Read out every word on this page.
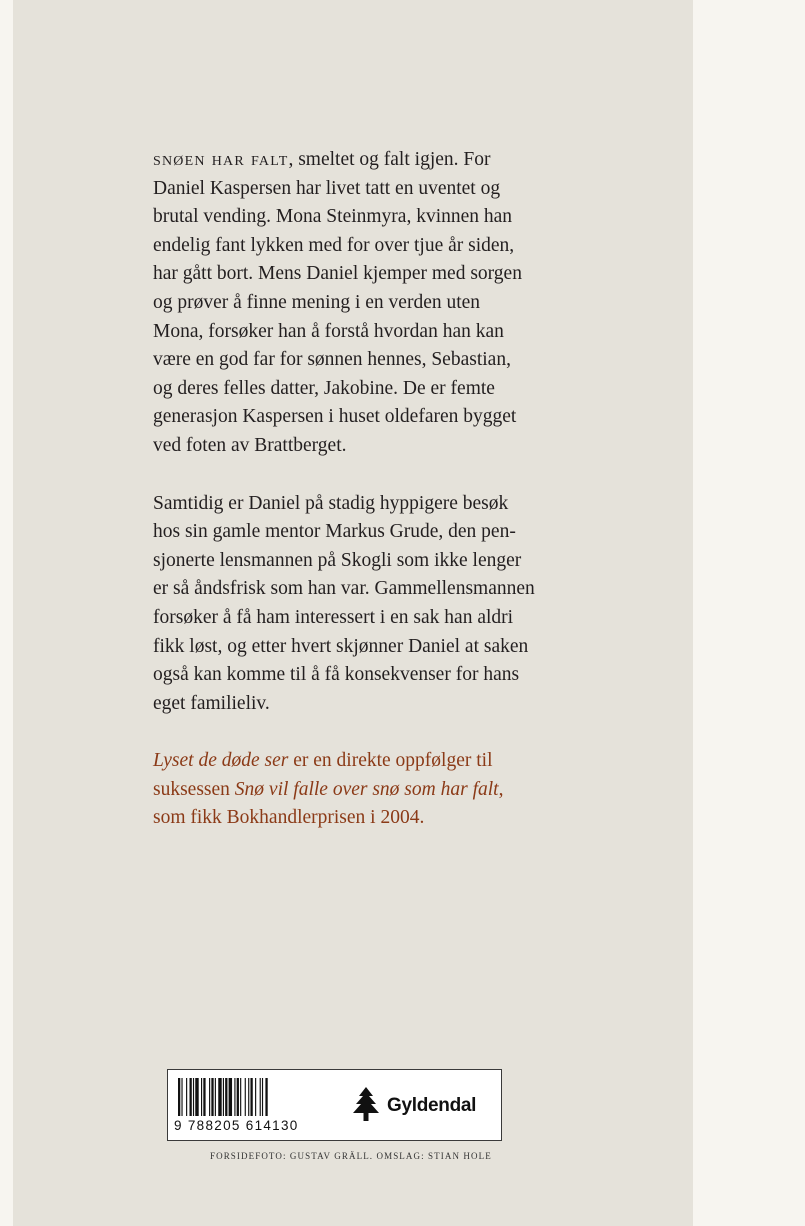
snøen har falt, smeltet og falt igjen. For
Daniel Kaspersen har livet tatt en uventet og
brutal vending. Mona Steinmyra, kvinnen han
endelig fant lykken med for over tjue år siden,
har gått bort. Mens Daniel kjemper med sorgen
og prøver å finne mening i en verden uten
Mona, forsøker han å forstå hvordan han kan
være en god far for sønnen hennes, Sebastian,
og deres felles datter, Jakobine. De er femte
generasjon Kaspersen i huset oldefaren bygget
ved foten av Brattberget.

Samtidig er Daniel på stadig hyppigere besøk
hos sin gamle mentor Markus Grude, den pen-
sjonerte lensmannen på Skogli som ikke lenger
er så åndsfrisk som han var. Gammellensmannen
forsøker å få ham interessert i en sak han aldri
fikk løst, og etter hvert skjønner Daniel at saken
også kan komme til å få konsekvenser for hans
eget familieliv.

Lyset de døde ser er en direkte oppfølger til
suksessen Snø vil falle over snø som har falt,
som fikk Bokhandlerprisen i 2004.

9 788205 614130
Gyldendal
FORSIDEFOTO: GUSTAV GRÄLL. OMSLAG: STIAN HOLE
